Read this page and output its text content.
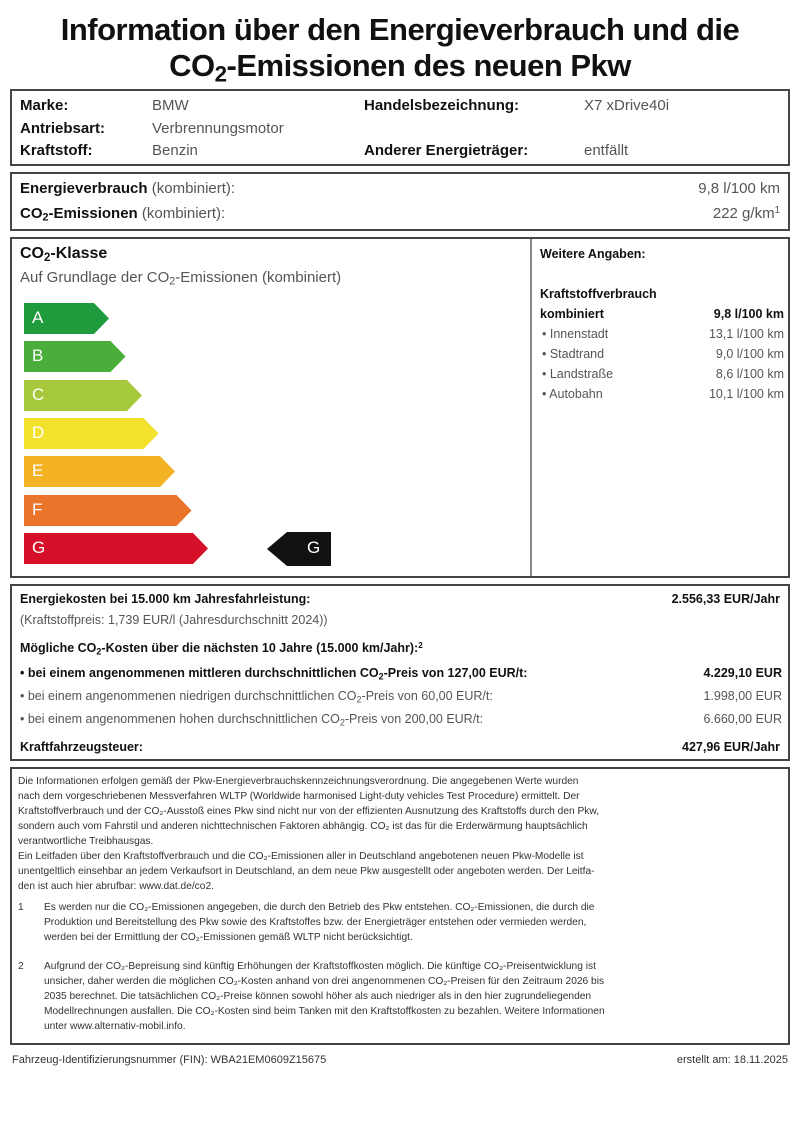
Information über den Energieverbrauch und die
$CO_2$-Emissionen des neuen Pkw
Marke:	BMW
Antriebsart:	Verbrennungsmotor
Kraftstoff:	Benzin
Handelsbezeichnung:	X7 xDrive40i
Anderer Energieträger:	entfällt
Energieverbrauch (kombiniert):	9,8 l/100 km
$CO_2$-Emissionen (kombiniert):	222 $g/km^1$
$CO_2$-Klasse
Auf Grundlage der $CO_2$-Emissionen (kombiniert)
A
B
C
D
E
F
G	G
Weitere Angaben:
Kraftstoffverbrauch
kombiniert	9,8 l/100 km
• Innenstadt	13,1 l/100 km
• Stadtrand	9,0 l/100 km
• Landstraße	8,6 l/100 km
• Autobahn	10,1 l/100 km
Energiekosten bei 15.000 km Jahresfahrleistung:	2.556,33 EUR/Jahr
(Kraftstoffpreis: 1,739 EUR/l (Jahresdurchschnitt 2024))
Mögliche $CO_2$-Kosten über die nächsten 10 Jahre (15.000 km/Jahr):$^2$
• bei einem angenommenen mittleren durchschnittlichen $CO_2$-Preis von 127,00 EUR/t:	4.229,10 EUR
• bei einem angenommenen niedrigen durchschnittlichen $CO_2$-Preis von 60,00 EUR/t:	1.998,00 EUR
• bei einem angenommenen hohen durchschnittlichen $CO_2$-Preis von 200,00 EUR/t:	6.660,00 EUR
Kraftfahrzeugsteuer:	427,96 EUR/Jahr
Die Informationen erfolgen gemäß der Pkw-Energieverbrauchskennzeichnungsverordnung. Die angegebenen Werte wurden
nach dem vorgeschriebenen Messverfahren WLTP (Worldwide harmonised Light-duty vehicles Test Procedure) ermittelt. Der
Kraftstoffverbrauch und der CO₂-Ausstoß eines Pkw sind nicht nur von der effizienten Ausnutzung des Kraftstoffs durch den Pkw,
sondern auch vom Fahrstil und anderen nichttechnischen Faktoren abhängig. CO₂ ist das für die Erderwärmung hauptsächlich
verantwortliche Treibhausgas.
Ein Leitfaden über den Kraftstoffverbrauch und die CO₂-Emissionen aller in Deutschland angebotenen neuen Pkw-Modelle ist
unentgeltlich einsehbar an jedem Verkaufsort in Deutschland, an dem neue Pkw ausgestellt oder angeboten werden. Der Leitfa-
den ist auch hier abrufbar: www.dat.de/co2.
1 Es werden nur die CO₂-Emissionen angegeben, die durch den Betrieb des Pkw entstehen. CO₂-Emissionen, die durch die
Produktion und Bereitstellung des Pkw sowie des Kraftstoffes bzw. der Energieträger entstehen oder vermieden werden,
werden bei der Ermittlung der CO₂-Emissionen gemäß WLTP nicht berücksichtigt.
2 Aufgrund der CO₂-Bepreisung sind künftig Erhöhungen der Kraftstoffkosten möglich. Die künftige CO₂-Preisentwicklung ist
unsicher, daher werden die möglichen CO₂-Kosten anhand von drei angenommenen CO₂-Preisen für den Zeitraum 2026 bis
2035 berechnet. Die tatsächlichen CO₂-Preise können sowohl höher als auch niedriger als in den hier zugrundeliegenden
Modellrechnungen ausfallen. Die CO₂-Kosten sind beim Tanken mit den Kraftstoffkosten zu bezahlen. Weitere Informationen
unter www.alternativ-mobil.info.
Fahrzeug-Identifizierungsnummer (FIN): WBA21EM0609Z15675	erstellt am: 18.11.2025
